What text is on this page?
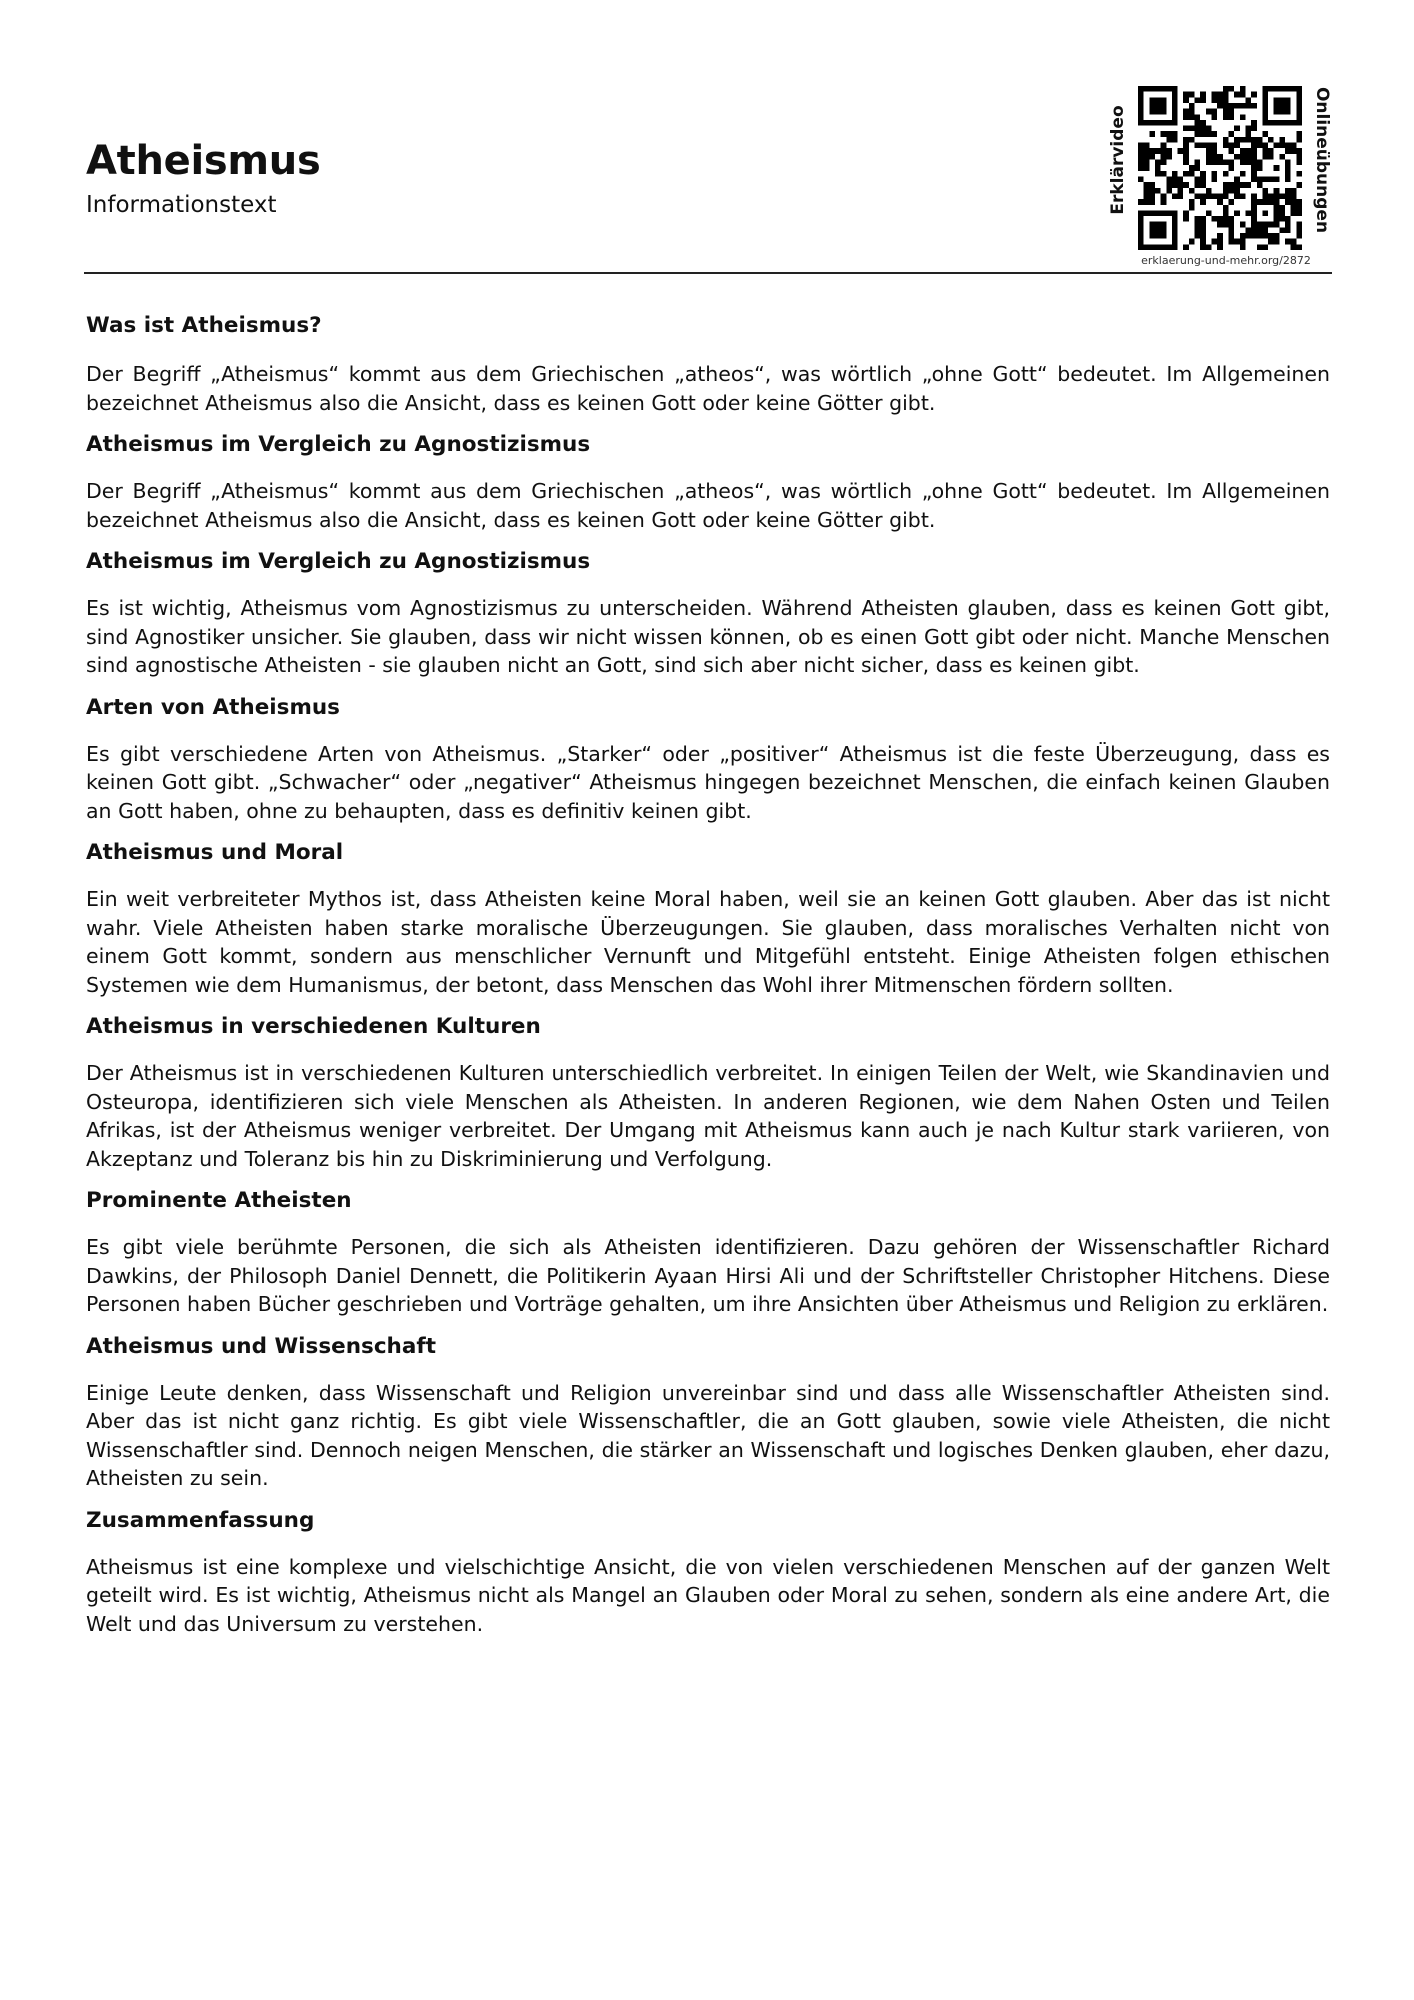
Atheismus
Informationstext	Erklärvideo	Onlineübungen
erklaerung-und-mehr.org/2872
Was ist Atheismus?

Der Begriff „Atheismus“ kommt aus dem Griechischen „atheos“, was wörtlich „ohne Gott“ bedeutet. Im Allgemeinen bezeichnet Atheismus also die Ansicht, dass es keinen Gott oder keine Götter gibt.

Atheismus im Vergleich zu Agnostizismus

Der Begriff „Atheismus“ kommt aus dem Griechischen „atheos“, was wörtlich „ohne Gott“ bedeutet. Im Allgemeinen bezeichnet Atheismus also die Ansicht, dass es keinen Gott oder keine Götter gibt.

Atheismus im Vergleich zu Agnostizismus

Es ist wichtig, Atheismus vom Agnostizismus zu unterscheiden. Während Atheisten glauben, dass es keinen Gott gibt, sind Agnostiker unsicher. Sie glauben, dass wir nicht wissen können, ob es einen Gott gibt oder nicht. Manche Menschen sind agnostische Atheisten - sie glauben nicht an Gott, sind sich aber nicht sicher, dass es keinen gibt.

Arten von Atheismus

Es gibt verschiedene Arten von Atheismus. „Starker“ oder „positiver“ Atheismus ist die feste Überzeugung, dass es keinen Gott gibt. „Schwacher“ oder „negativer“ Atheismus hingegen bezeichnet Menschen, die einfach keinen Glauben an Gott haben, ohne zu behaupten, dass es definitiv keinen gibt.

Atheismus und Moral

Ein weit verbreiteter Mythos ist, dass Atheisten keine Moral haben, weil sie an keinen Gott glauben. Aber das ist nicht wahr. Viele Atheisten haben starke moralische Überzeugungen. Sie glauben, dass moralisches Verhalten nicht von einem Gott kommt, sondern aus menschlicher Vernunft und Mitgefühl entsteht. Einige Atheisten folgen ethischen Systemen wie dem Humanismus, der betont, dass Menschen das Wohl ihrer Mitmenschen fördern sollten.

Atheismus in verschiedenen Kulturen

Der Atheismus ist in verschiedenen Kulturen unterschiedlich verbreitet. In einigen Teilen der Welt, wie Skandinavien und Osteuropa, identifizieren sich viele Menschen als Atheisten. In anderen Regionen, wie dem Nahen Osten und Teilen Afrikas, ist der Atheismus weniger verbreitet. Der Umgang mit Atheismus kann auch je nach Kultur stark variieren, von Akzeptanz und Toleranz bis hin zu Diskriminierung und Verfolgung.

Prominente Atheisten

Es gibt viele berühmte Personen, die sich als Atheisten identifizieren. Dazu gehören der Wissenschaftler Richard Dawkins, der Philosoph Daniel Dennett, die Politikerin Ayaan Hirsi Ali und der Schriftsteller Christopher Hitchens. Diese Personen haben Bücher geschrieben und Vorträge gehalten, um ihre Ansichten über Atheismus und Religion zu erklären.

Atheismus und Wissenschaft

Einige Leute denken, dass Wissenschaft und Religion unvereinbar sind und dass alle Wissenschaftler Atheisten sind. Aber das ist nicht ganz richtig. Es gibt viele Wissenschaftler, die an Gott glauben, sowie viele Atheisten, die nicht Wissenschaftler sind. Dennoch neigen Menschen, die stärker an Wissenschaft und logisches Denken glauben, eher dazu, Atheisten zu sein.

Zusammenfassung

Atheismus ist eine komplexe und vielschichtige Ansicht, die von vielen verschiedenen Menschen auf der ganzen Welt geteilt wird. Es ist wichtig, Atheismus nicht als Mangel an Glauben oder Moral zu sehen, sondern als eine andere Art, die Welt und das Universum zu verstehen.
